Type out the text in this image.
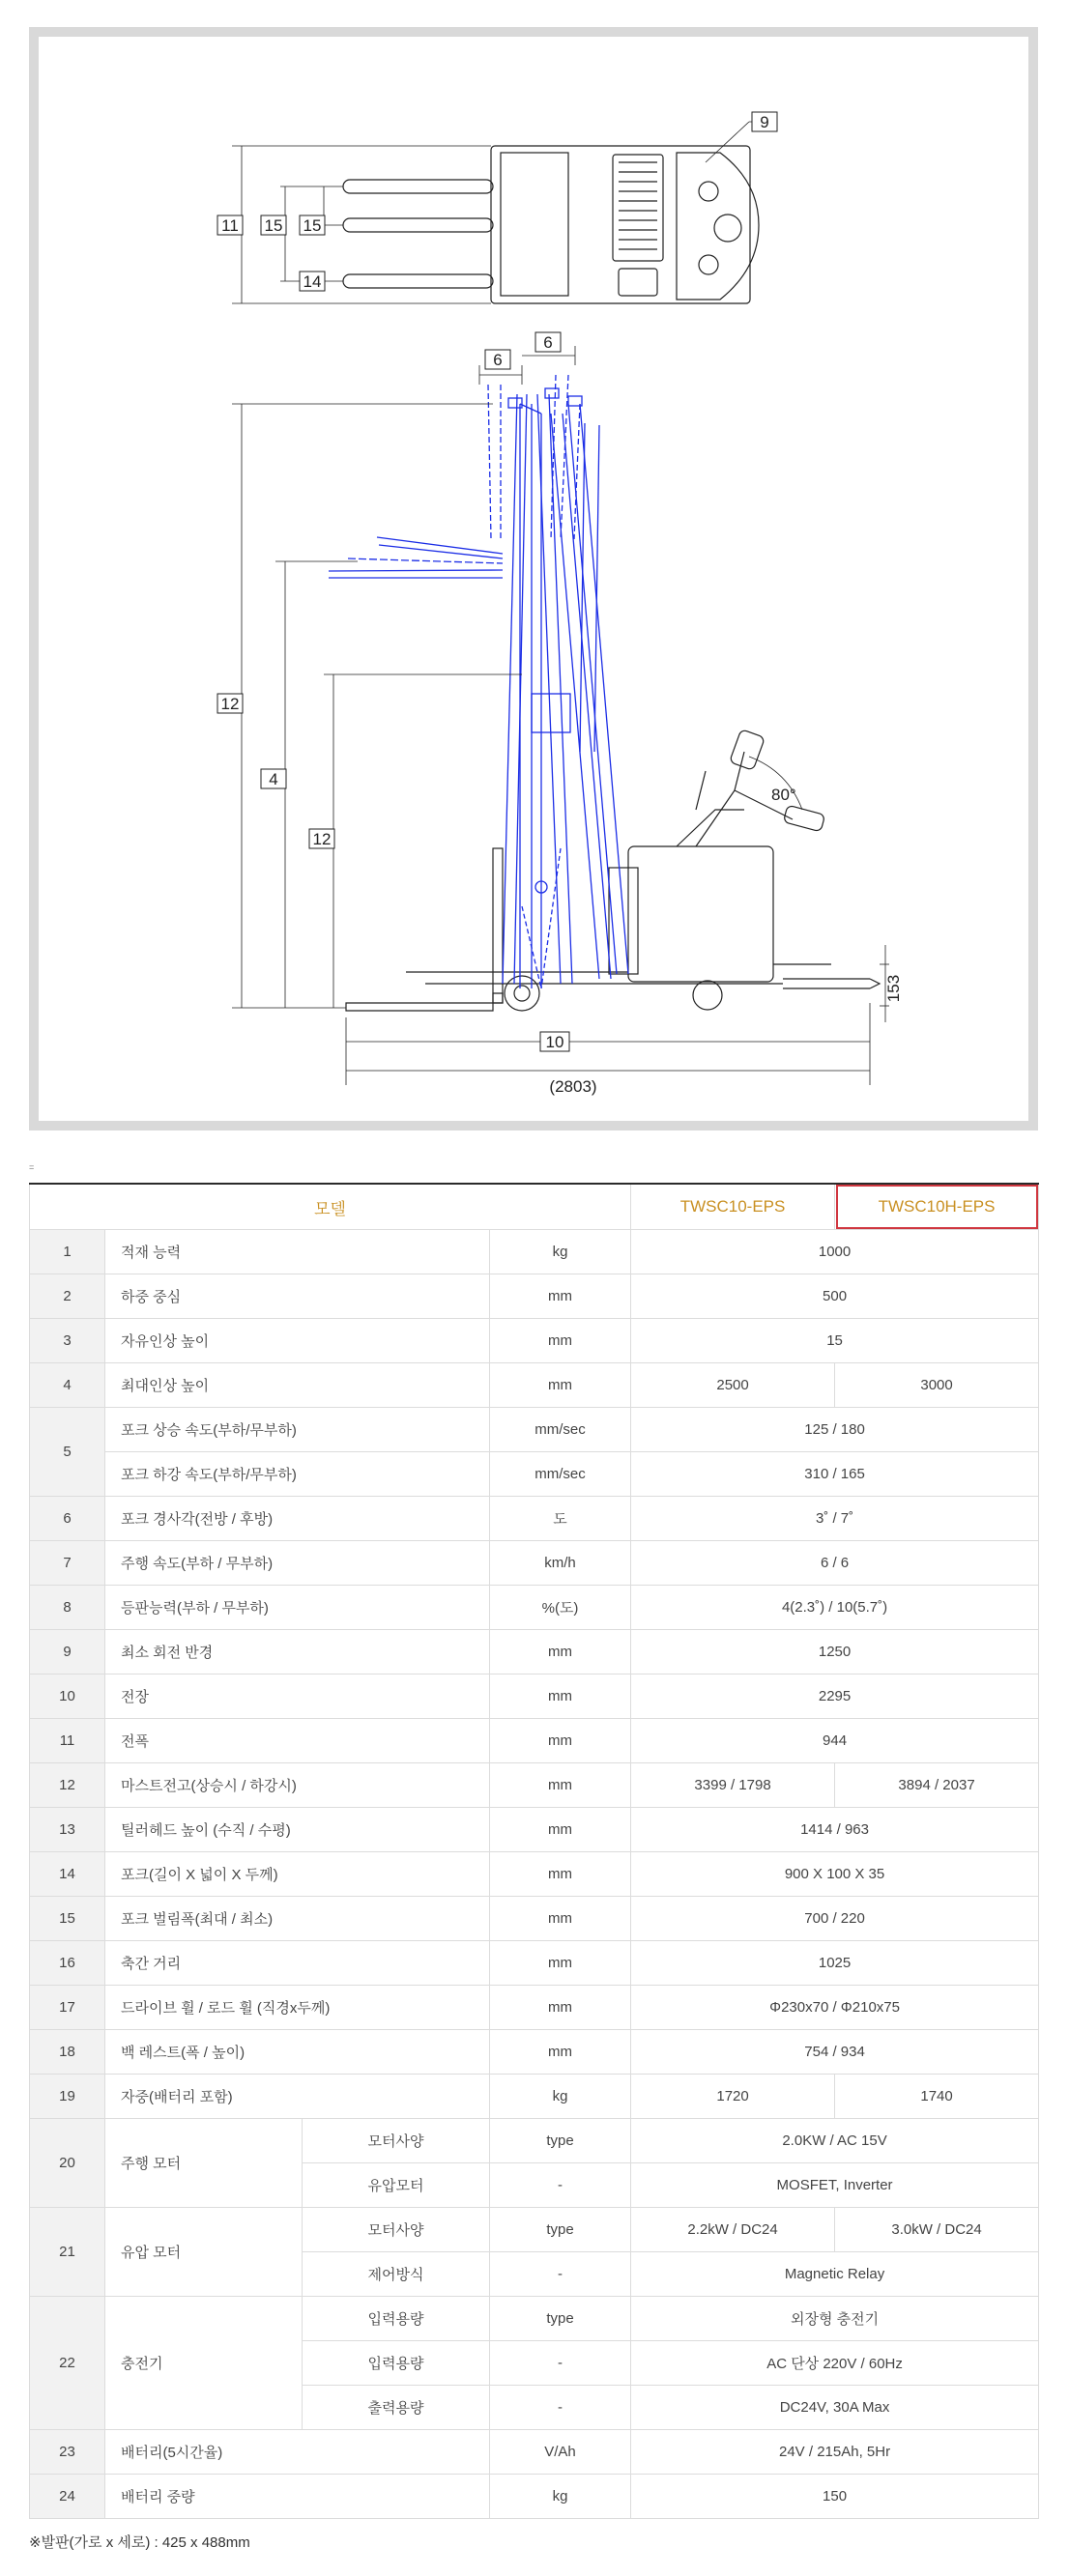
9
11 15 15
14
6
6
12
4
12
80°
153
10
(2803)
=
모델				TWSC10-EPS	TWSC10H-EPS
1	적재 능력		kg	1000	
2	하중 중심		mm	500	
3	자유인상 높이		mm	15	
4	최대인상 높이		mm	2500	3000
5	포크 상승 속도(부하/무부하)		mm/sec	125 / 180	
	포크 하강 속도(부하/무부하)		mm/sec	310 / 165	
6	포크 경사각(전방 / 후방)		도	3˚ / 7˚	
7	주행 속도(부하 / 무부하)		km/h	6 / 6	
8	등판능력(부하 / 무부하)		%(도)	4(2.3˚) / 10(5.7˚)	
9	최소 회전 반경		mm	1250	
10	전장		mm	2295	
11	전폭		mm	944	
12	마스트전고(상승시 / 하강시)		mm	3399 / 1798	3894 / 2037
13	틸러헤드 높이 (수직 / 수평)		mm	1414 / 963	
14	포크(길이 X 넓이 X 두께)		mm	900 X 100 X 35	
15	포크 벌림폭(최대 / 최소)		mm	700 / 220	
16	축간 거리		mm	1025	
17	드라이브 휠 / 로드 휠 (직경x두께)		mm	Φ230x70 / Φ210x75	
18	백 레스트(폭 / 높이)		mm	754 / 934	
19	자중(배터리 포함)		kg	1720	1740
20	주행 모터	모터사양	type	2.0KW / AC 15V	
		유압모터	-	MOSFET, Inverter	
21	유압 모터	모터사양	type	2.2kW / DC24	3.0kW / DC24
		제어방식	-	Magnetic Relay	
22	충전기	입력용량	type	외장형 충전기	
		입력용량	-	AC 단상 220V / 60Hz	
		출력용량	-	DC24V, 30A Max	
23	배터리(5시간율)		V/Ah	24V / 215Ah, 5Hr	
24	배터리 중량		kg	150	
※발판(가로 x 세로) : 425 x 488mm
